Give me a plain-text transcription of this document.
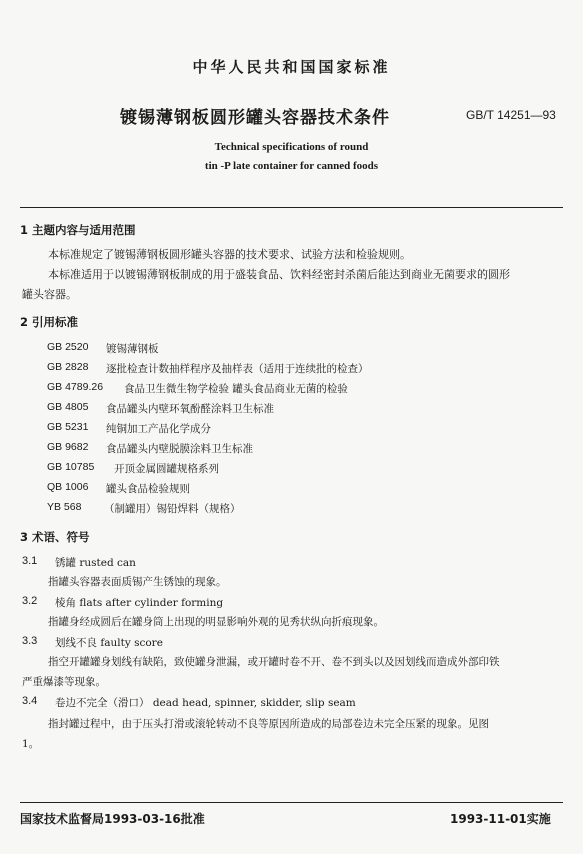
中华人民共和国国家标准
镀锡薄钢板圆形罐头容器技术条件	GB/T 14251—93
Technical specifications of round
tin -P late container for canned foods
1 主题内容与适用范围
本标准规定了镀锡薄钢板圆形罐头容器的技术要求、试验方法和检验规则。
本标准适用于以镀锡薄钢板制成的用于盛装食品、饮料经密封杀菌后能达到商业无菌要求的圆形
罐头容器。
2 引用标准
GB 2520 镀锡薄钢板
GB 2828 逐批检查计数抽样程序及抽样表（适用于连续批的检查）
GB 4789.26 食品卫生微生物学检验 罐头食品商业无菌的检验
GB 4805 食品罐头内壁环氧酚醛涂料卫生标准
GB 5231 纯铜加工产品化学成分
GB 9682 食品罐头内壁脱膜涂料卫生标准
GB 10785 开顶金属圆罐规格系列
QB 1006 罐头食品检验规则
YB 568 （制罐用）锡铅焊料（规格）
3 术语、符号
3.1 锈罐 rusted can
指罐头容器表面质锡产生锈蚀的现象。
3.2 棱角 flats after cylinder forming
指罐身经成圆后在罐身筒上出现的明显影响外观的见秀状纵向折痕现象。
3.3 划线不良 faulty score
指空开罐罐身划线有缺陷，致使罐身泄漏，或开罐时卷不开、卷不到头以及因划线而造成外部印铁
严重爆漆等现象。
3.4 卷边不完全（滑口） dead head, spinner, skidder, slip seam
指封罐过程中，由于压头打滑或滚轮转动不良等原因所造成的局部卷边未完全压紧的现象。见图
1。
国家技术监督局1993-03-16批准	1993-11-01实施
